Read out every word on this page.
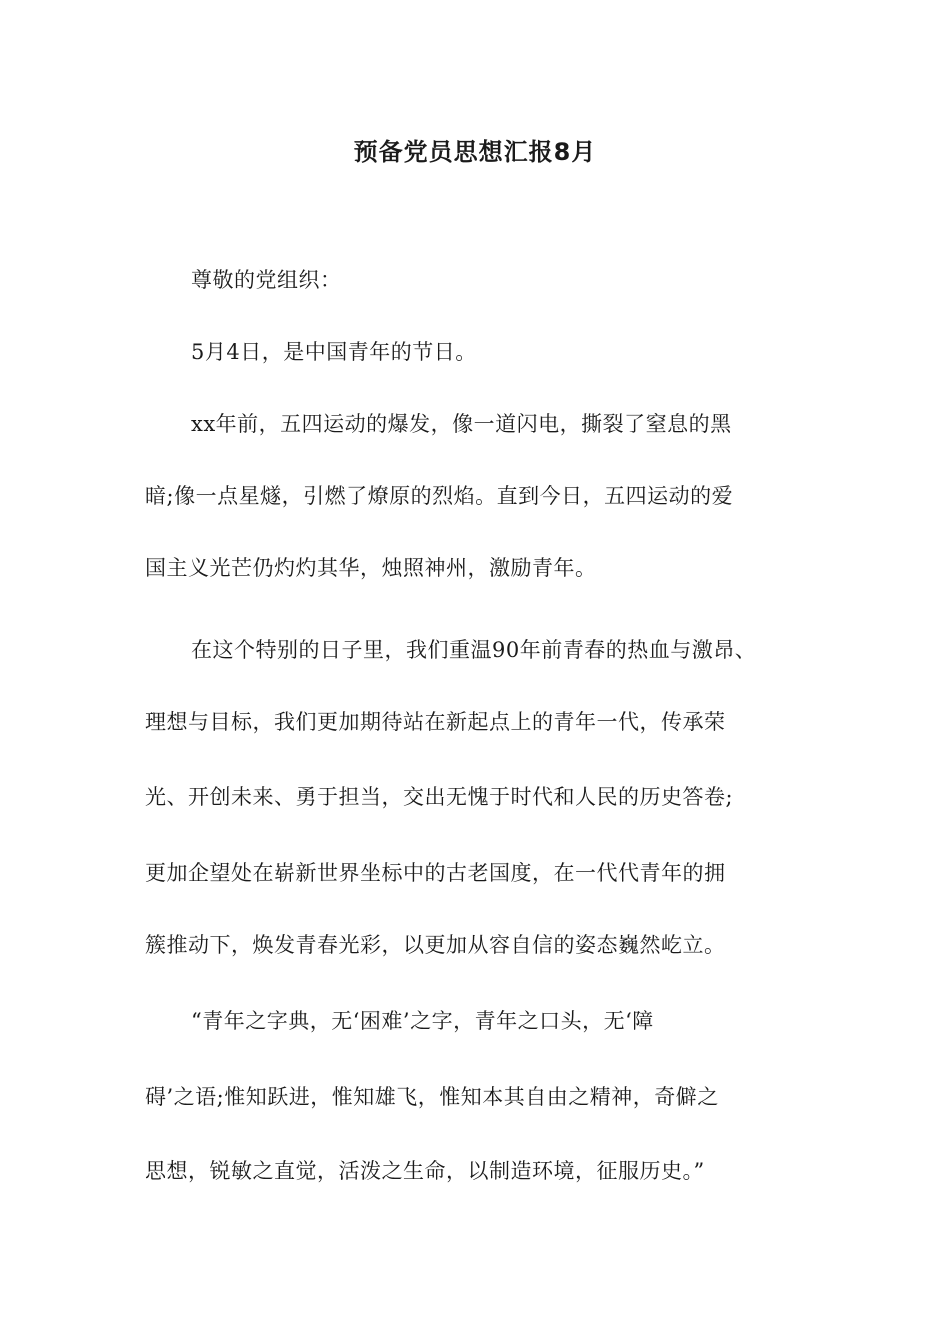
预备党员思想汇报8月
尊敬的党组织：
5月4日，是中国青年的节日。
xx年前，五四运动的爆发，像一道闪电，撕裂了窒息的黑
暗;像一点星燧，引燃了燎原的烈焰。直到今日，五四运动的爱
国主义光芒仍灼灼其华，烛照神州，激励青年。
在这个特别的日子里，我们重温90年前青春的热血与激昂、
理想与目标，我们更加期待站在新起点上的青年一代，传承荣
光、开创未来、勇于担当，交出无愧于时代和人民的历史答卷;
更加企望处在崭新世界坐标中的古老国度，在一代代青年的拥
簇推动下，焕发青春光彩，以更加从容自信的姿态巍然屹立。
“青年之字典，无‘困难’之字，青年之口头，无‘障
碍’之语;惟知跃进，惟知雄飞，惟知本其自由之精神，奇僻之
思想，锐敏之直觉，活泼之生命，以制造环境，征服历史。”
